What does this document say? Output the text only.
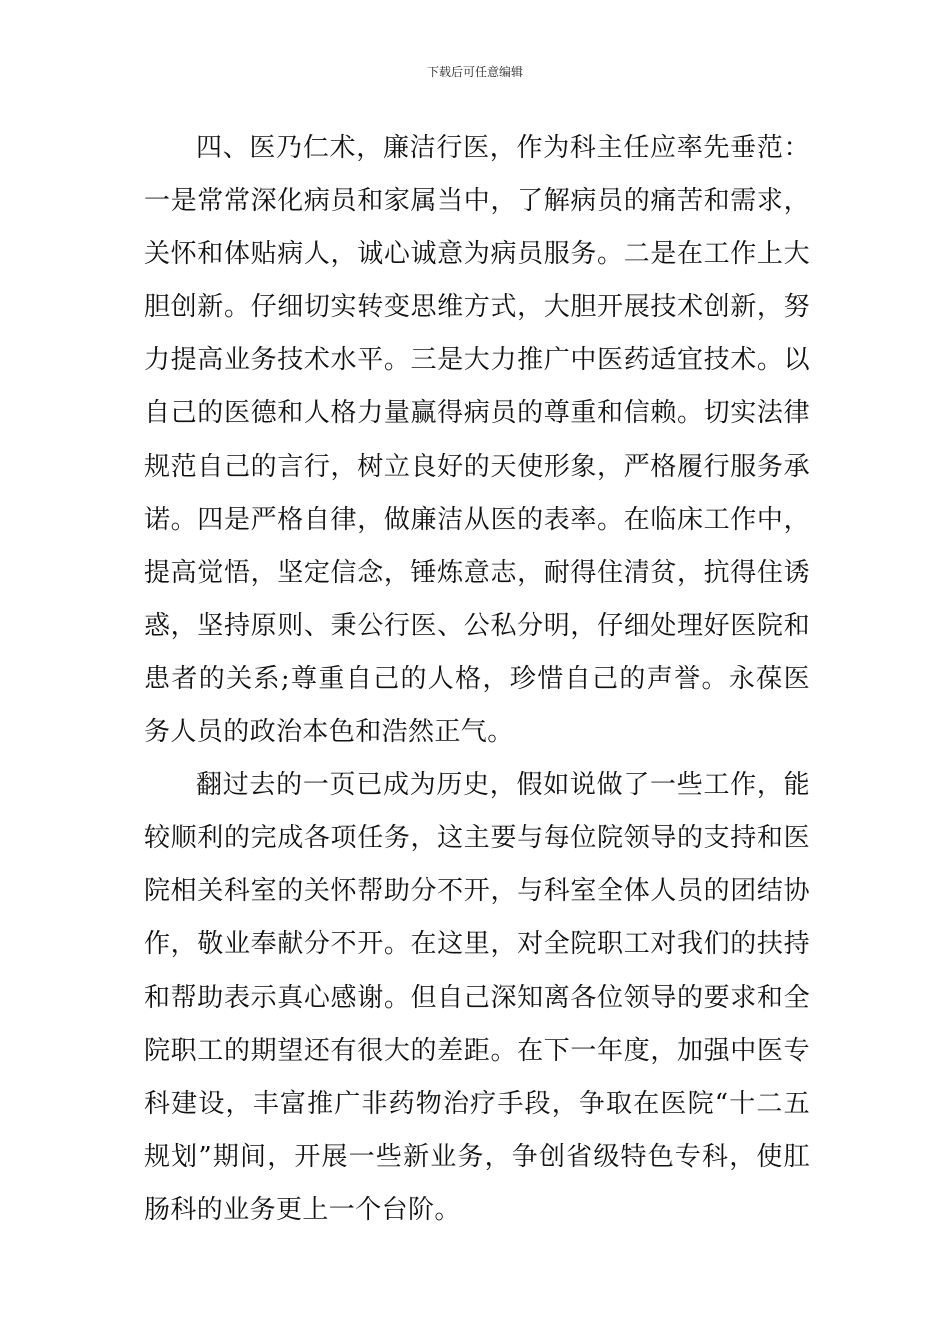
下载后可任意编辑

四、医乃仁术，廉洁行医，作为科主任应率先垂范：一是常常深化病员和家属当中，了解病员的痛苦和需求，关怀和体贴病人，诚心诚意为病员服务。二是在工作上大胆创新。仔细切实转变思维方式，大胆开展技术创新，努力提高业务技术水平。三是大力推广中医药适宜技术。以自己的医德和人格力量赢得病员的尊重和信赖。切实法律规范自己的言行，树立良好的天使形象，严格履行服务承诺。四是严格自律，做廉洁从医的表率。在临床工作中，提高觉悟，坚定信念，锤炼意志，耐得住清贫，抗得住诱惑，坚持原则、秉公行医、公私分明，仔细处理好医院和患者的关系;尊重自己的人格，珍惜自己的声誉。永葆医务人员的政治本色和浩然正气。

翻过去的一页已成为历史，假如说做了一些工作，能较顺利的完成各项任务，这主要与每位院领导的支持和医院相关科室的关怀帮助分不开，与科室全体人员的团结协作，敬业奉献分不开。在这里，对全院职工对我们的扶持和帮助表示真心感谢。但自己深知离各位领导的要求和全院职工的期望还有很大的差距。在下一年度，加强中医专科建设，丰富推广非药物治疗手段，争取在医院“十二五规划”期间，开展一些新业务，争创省级特色专科，使肛肠科的业务更上一个台阶。
